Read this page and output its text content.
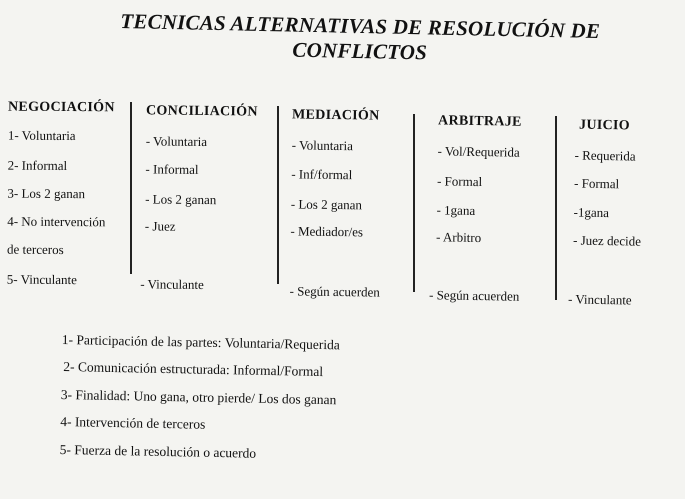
TECNICAS ALTERNATIVAS DE RESOLUCIÓN DE
CONFLICTOS
NEGOCIACIÓN
1- Voluntaria
2- Informal
3- Los 2 ganan
4- No intervención
de terceros
5- Vinculante
CONCILIACIÓN
- Voluntaria
- Informal
- Los 2 ganan
- Juez
- Vinculante
MEDIACIÓN
- Voluntaria
- Inf/formal
- Los 2 ganan
- Mediador/es
- Según acuerden
ARBITRAJE
- Vol/Requerida
- Formal
- 1gana
- Arbitro
- Según acuerden
JUICIO
- Requerida
- Formal
-1gana
- Juez decide
- Vinculante
1- Participación de las partes: Voluntaria/Requerida
2- Comunicación estructurada: Informal/Formal
3- Finalidad: Uno gana, otro pierde/ Los dos ganan
4- Intervención de terceros
5- Fuerza de la resolución o acuerdo
